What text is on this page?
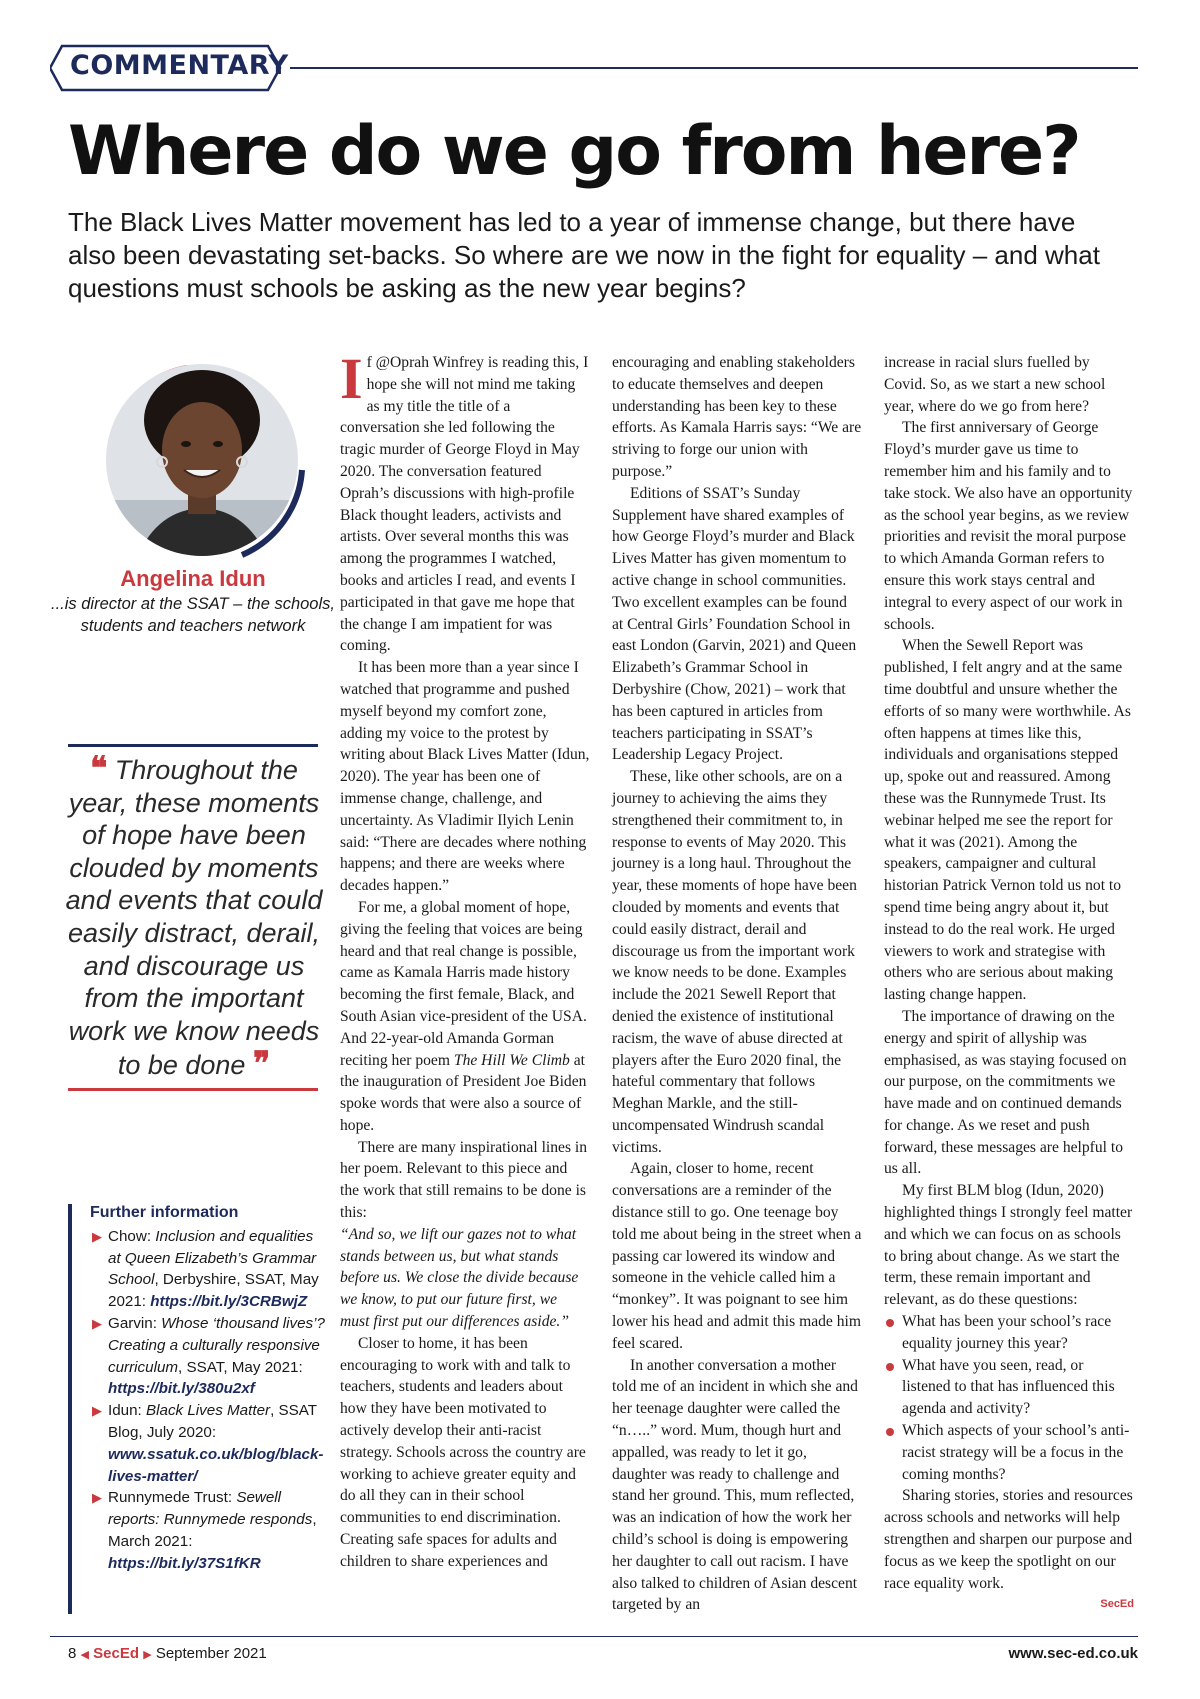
COMMENTARY
Where do we go from here?
The Black Lives Matter movement has led to a year of immense change, but there have also been devastating set-backs. So where are we now in the fight for equality – and what questions must schools be asking as the new year begins?
Angelina Idun
...is director at the SSAT – the schools, students and teachers network
❝ Throughout the year, these moments of hope have been clouded by moments and events that could easily distract, derail, and discourage us from the important work we know needs to be done ❞
Further information
▶ Chow: Inclusion and equalities at Queen Elizabeth’s Grammar School, Derbyshire, SSAT, May 2021: https://bit.ly/3CRBwjZ
▶ Garvin: Whose ‘thousand lives’? Creating a culturally responsive curriculum, SSAT, May 2021: https://bit.ly/380u2xf
▶ Idun: Black Lives Matter, SSAT Blog, July 2020: www.ssatuk.co.uk/blog/black-lives-matter/
▶ Runnymede Trust: Sewell reports: Runnymede responds, March 2021: https://bit.ly/37S1fKR

If @Oprah Winfrey is reading this, I hope she will not mind me taking as my title the title of a conversation she led following the tragic murder of George Floyd in May 2020. The conversation featured Oprah’s discussions with high-profile Black thought leaders, activists and artists. Over several months this was among the programmes I watched, books and articles I read, and events I participated in that gave me hope that the change I am impatient for was coming.

It has been more than a year since I watched that programme and pushed myself beyond my comfort zone, adding my voice to the protest by writing about Black Lives Matter (Idun, 2020). The year has been one of immense change, challenge, and uncertainty. As Vladimir Ilyich Lenin said: “There are decades where nothing happens; and there are weeks where decades happen.”

For me, a global moment of hope, giving the feeling that voices are being heard and that real change is possible, came as Kamala Harris made history becoming the first female, Black, and South Asian vice-president of the USA. And 22-year-old Amanda Gorman reciting her poem The Hill We Climb at the inauguration of President Joe Biden spoke words that were also a source of hope.

There are many inspirational lines in her poem. Relevant to this piece and the work that still remains to be done is this:

“And so, we lift our gazes not to what stands between us, but what stands before us. We close the divide because we know, to put our future first, we must first put our differences aside.”

Closer to home, it has been encouraging to work with and talk to teachers, students and leaders about how they have been motivated to actively develop their anti-racist strategy. Schools across the country are working to achieve greater equity and do all they can in their school communities to end discrimination. Creating safe spaces for adults and children to share experiences and

encouraging and enabling stakeholders to educate themselves and deepen understanding has been key to these efforts. As Kamala Harris says: “We are striving to forge our union with purpose.”

Editions of SSAT’s Sunday Supplement have shared examples of how George Floyd’s murder and Black Lives Matter has given momentum to active change in school communities. Two excellent examples can be found at Central Girls’ Foundation School in east London (Garvin, 2021) and Queen Elizabeth’s Grammar School in Derbyshire (Chow, 2021) – work that has been captured in articles from teachers participating in SSAT’s Leadership Legacy Project.

These, like other schools, are on a journey to achieving the aims they strengthened their commitment to, in response to events of May 2020. This journey is a long haul. Throughout the year, these moments of hope have been clouded by moments and events that could easily distract, derail and discourage us from the important work we know needs to be done. Examples include the 2021 Sewell Report that denied the existence of institutional racism, the wave of abuse directed at players after the Euro 2020 final, the hateful commentary that follows Meghan Markle, and the still-uncompensated Windrush scandal victims.

Again, closer to home, recent conversations are a reminder of the distance still to go. One teenage boy told me about being in the street when a passing car lowered its window and someone in the vehicle called him a “monkey”. It was poignant to see him lower his head and admit this made him feel scared.

In another conversation a mother told me of an incident in which she and her teenage daughter were called the “n…..” word. Mum, though hurt and appalled, was ready to let it go, daughter was ready to challenge and stand her ground. This, mum reflected, was an indication of how the work her child’s school is doing is empowering her daughter to call out racism. I have also talked to children of Asian descent targeted by an

increase in racial slurs fuelled by Covid. So, as we start a new school year, where do we go from here?

The first anniversary of George Floyd’s murder gave us time to remember him and his family and to take stock. We also have an opportunity as the school year begins, as we review priorities and revisit the moral purpose to which Amanda Gorman refers to ensure this work stays central and integral to every aspect of our work in schools.

When the Sewell Report was published, I felt angry and at the same time doubtful and unsure whether the efforts of so many were worthwhile. As often happens at times like this, individuals and organisations stepped up, spoke out and reassured. Among these was the Runnymede Trust. Its webinar helped me see the report for what it was (2021). Among the speakers, campaigner and cultural historian Patrick Vernon told us not to spend time being angry about it, but instead to do the real work. He urged viewers to work and strategise with others who are serious about making lasting change happen.

The importance of drawing on the energy and spirit of allyship was emphasised, as was staying focused on our purpose, on the commitments we have made and on continued demands for change. As we reset and push forward, these messages are helpful to us all.

My first BLM blog (Idun, 2020) highlighted things I strongly feel matter and which we can focus on as schools to bring about change. As we start the term, these remain important and relevant, as do these questions:

What has been your school’s race equality journey this year?
What have you seen, read, or listened to that has influenced this agenda and activity?
Which aspects of your school’s anti-racist strategy will be a focus in the coming months?

Sharing stories, stories and resources across schools and networks will help strengthen and sharpen our purpose and focus as we keep the spotlight on our race equality work.

SecEd
8 ◀ SecEd ▶ September 2021	www.sec-ed.co.uk
